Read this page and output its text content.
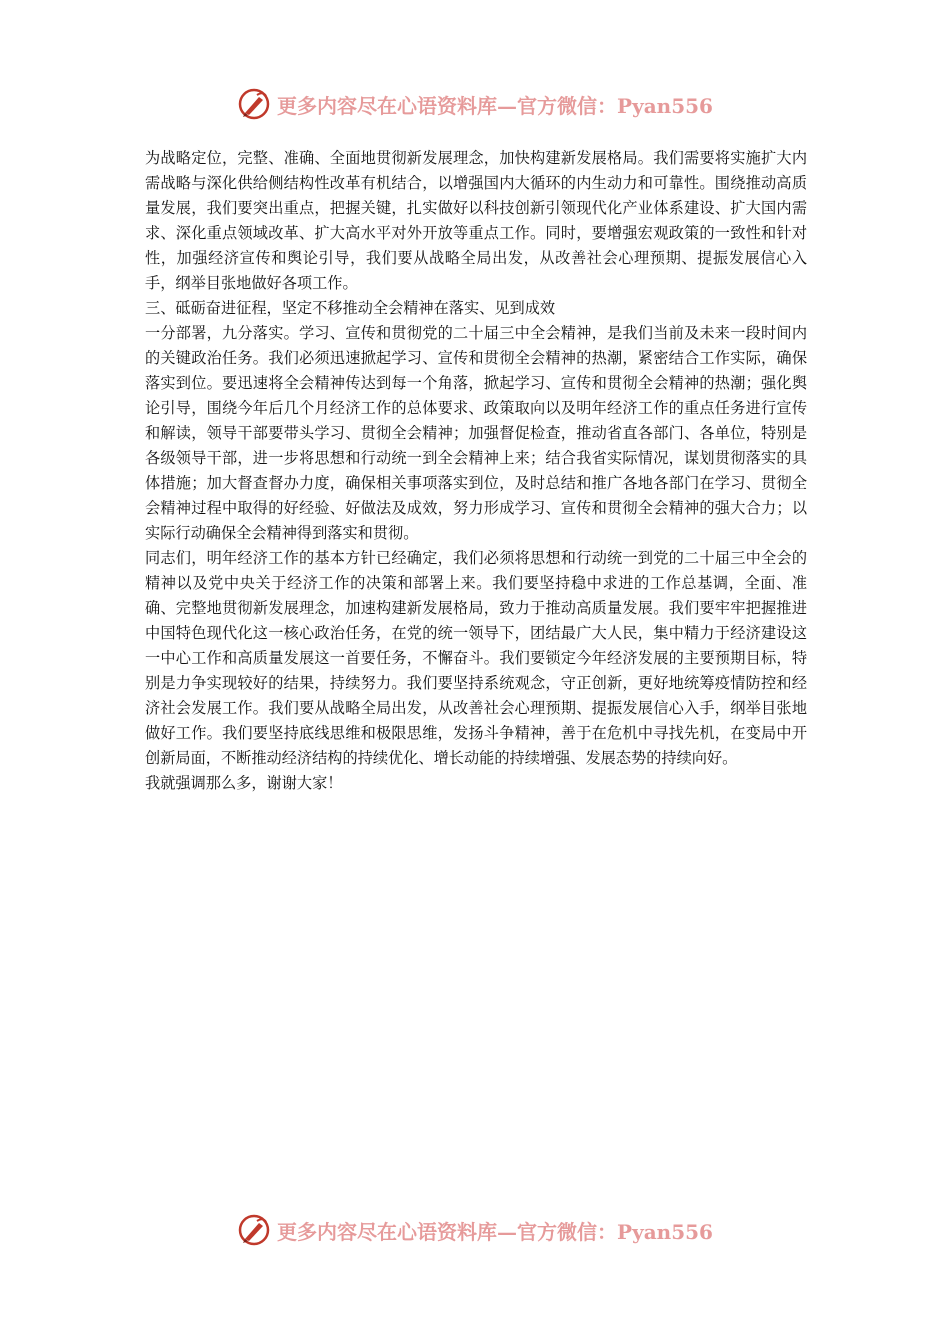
更多内容尽在心语资料库—官方微信：Pyan556

为战略定位，完整、准确、全面地贯彻新发展理念，加快构建新发展格局。我们需要将实施扩大内需战略与深化供给侧结构性改革有机结合，以增强国内大循环的内生动力和可靠性。围绕推动高质量发展，我们要突出重点，把握关键，扎实做好以科技创新引领现代化产业体系建设、扩大国内需求、深化重点领域改革、扩大高水平对外开放等重点工作。同时，要增强宏观政策的一致性和针对性，加强经济宣传和舆论引导，我们要从战略全局出发，从改善社会心理预期、提振发展信心入手，纲举目张地做好各项工作。

三、砥砺奋进征程，坚定不移推动全会精神在落实、见到成效

一分部署，九分落实。学习、宣传和贯彻党的二十届三中全会精神，是我们当前及未来一段时间内的关键政治任务。我们必须迅速掀起学习、宣传和贯彻全会精神的热潮，紧密结合工作实际，确保落实到位。要迅速将全会精神传达到每一个角落，掀起学习、宣传和贯彻全会精神的热潮；强化舆论引导，围绕今年后几个月经济工作的总体要求、政策取向以及明年经济工作的重点任务进行宣传和解读，领导干部要带头学习、贯彻全会精神；加强督促检查，推动省直各部门、各单位，特别是各级领导干部，进一步将思想和行动统一到全会精神上来；结合我省实际情况，谋划贯彻落实的具体措施；加大督查督办力度，确保相关事项落实到位，及时总结和推广各地各部门在学习、贯彻全会精神过程中取得的好经验、好做法及成效，努力形成学习、宣传和贯彻全会精神的强大合力；以实际行动确保全会精神得到落实和贯彻。

同志们，明年经济工作的基本方针已经确定，我们必须将思想和行动统一到党的二十届三中全会的精神以及党中央关于经济工作的决策和部署上来。我们要坚持稳中求进的工作总基调，全面、准确、完整地贯彻新发展理念，加速构建新发展格局，致力于推动高质量发展。我们要牢牢把握推进中国特色现代化这一核心政治任务，在党的统一领导下，团结最广大人民，集中精力于经济建设这一中心工作和高质量发展这一首要任务，不懈奋斗。我们要锁定今年经济发展的主要预期目标，特别是力争实现较好的结果，持续努力。我们要坚持系统观念，守正创新，更好地统筹疫情防控和经济社会发展工作。我们要从战略全局出发，从改善社会心理预期、提振发展信心入手，纲举目张地做好工作。我们要坚持底线思维和极限思维，发扬斗争精神，善于在危机中寻找先机，在变局中开创新局面，不断推动经济结构的持续优化、增长动能的持续增强、发展态势的持续向好。

我就强调那么多，谢谢大家！

更多内容尽在心语资料库—官方微信：Pyan556
